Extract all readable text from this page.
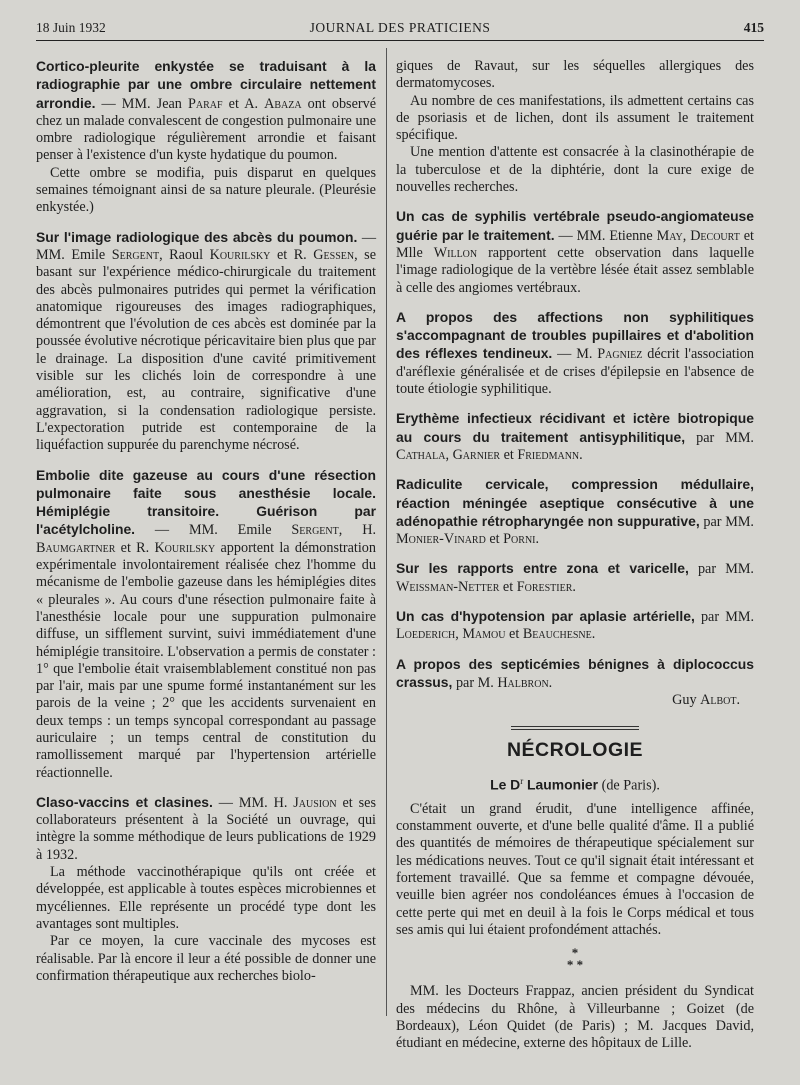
18 Juin 1932	JOURNAL DES PRATICIENS	415

Cortico-pleurite enkystée se traduisant à la radiographie par une ombre circulaire nettement arrondie. — MM. Jean Paraf et A. Abaza ont observé chez un malade convalescent de congestion pulmonaire une ombre radiologique régulièrement arrondie et faisant penser à l'existence d'un kyste hydatique du poumon.

Cette ombre se modifia, puis disparut en quelques semaines témoignant ainsi de sa nature pleurale. (Pleurésie enkystée.)

Sur l'image radiologique des abcès du poumon. — MM. Emile Sergent, Raoul Kourilsky et R. Gessen, se basant sur l'expérience médico-chirurgicale du traitement des abcès pulmonaires putrides qui permet la vérification anatomique rigoureuses des images radiographiques, démontrent que l'évolution de ces abcès est dominée par la poussée évolutive nécrotique péricavitaire bien plus que par le drainage. La disposition d'une cavité primitivement visible sur les clichés loin de correspondre à une amélioration, est, au contraire, significative d'une aggravation, si la condensation radiologique persiste. L'expectoration putride est contemporaine de la liquéfaction suppurée du parenchyme nécrosé.

Embolie dite gazeuse au cours d'une résection pulmonaire faite sous anesthésie locale. Hémiplégie transitoire. Guérison par l'acétylcholine. — MM. Emile Sergent, H. Baumgartner et R. Kourilsky apportent la démonstration expérimentale involontairement réalisée chez l'homme du mécanisme de l'embolie gazeuse dans les hémiplégies dites « pleurales ». Au cours d'une résection pulmonaire faite à l'anesthésie locale pour une suppuration pulmonaire diffuse, un sifflement survint, suivi immédiatement d'une hémiplégie transitoire. L'observation a permis de constater : 1° que l'embolie était vraisemblablement constitué non pas par l'air, mais par une spume formé instantanément sur les parois de la veine ; 2° que les accidents survenaient en deux temps : un temps syncopal correspondant au passage auriculaire ; un temps central de constitution du ramollissement marqué par l'hypertension artérielle réactionnelle.

Claso-vaccins et clasines. — MM. H. Jausion et ses collaborateurs présentent à la Société un ouvrage, qui intègre la somme méthodique de leurs publications de 1929 à 1932.

La méthode vaccinothérapique qu'ils ont créée et développée, est applicable à toutes espèces microbiennes et mycéliennes. Elle représente un procédé type dont les avantages sont multiples.

Par ce moyen, la cure vaccinale des mycoses est réalisable. Par là encore il leur a été possible de donner une confirmation thérapeutique aux recherches biolo-

giques de Ravaut, sur les séquelles allergiques des dermatomycoses.

Au nombre de ces manifestations, ils admettent certains cas de psoriasis et de lichen, dont ils assument le traitement spécifique.

Une mention d'attente est consacrée à la clasinothérapie de la tuberculose et de la diphtérie, dont la cure exige de nouvelles recherches.

Un cas de syphilis vertébrale pseudo-angiomateuse guérie par le traitement. — MM. Etienne May, Decourt et Mlle Willon rapportent cette observation dans laquelle l'image radiologique de la vertèbre lésée était assez semblable à celle des angiomes vertébraux.

A propos des affections non syphilitiques s'accompagnant de troubles pupillaires et d'abolition des réflexes tendineux. — M. Pagniez décrit l'association d'aréflexie généralisée et de crises d'épilepsie en l'absence de toute étiologie syphilitique.

Erythème infectieux récidivant et ictère biotropique au cours du traitement antisyphilitique, par MM. Cathala, Garnier et Friedmann.

Radiculite cervicale, compression médullaire, réaction méningée aseptique consécutive à une adénopathie rétropharyngée non suppurative, par MM. Monier-Vinard et Porni.

Sur les rapports entre zona et varicelle, par MM. Weissman-Netter et Forestier.

Un cas d'hypotension par aplasie artérielle, par MM. Loederich, Mamou et Beauchesne.

A propos des septicémies bénignes à diplococcus crassus, par M. Halbron.

Guy Albot.

NÉCROLOGIE
Le $D^r$ Laumonier (de Paris).

C'était un grand érudit, d'une intelligence affinée, constamment ouverte, et d'une belle qualité d'âme. Il a publié des quantités de mémoires de thérapeutique spécialement sur les médications neuves. Tout ce qu'il signait était intéressant et fortement travaillé. Que sa femme et compagne dévouée, veuille bien agréer nos condoléances émues à l'occasion de cette perte qui met en deuil à la fois le Corps médical et tous ses amis qui lui étaient profondément attachés.

*
* *

MM. les Docteurs Frappaz, ancien président du Syndicat des médecins du Rhône, à Villeurbanne ; Goizet (de Bordeaux), Léon Quidet (de Paris) ; M. Jacques David, étudiant en médecine, externe des hôpitaux de Lille.
